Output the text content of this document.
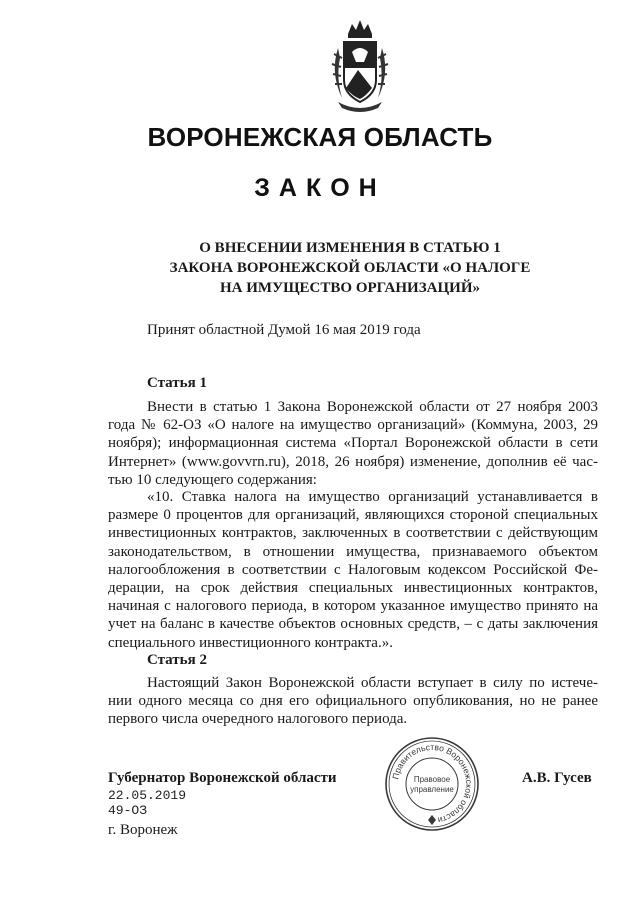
ВОРОНЕЖСКАЯ ОБЛАСТЬ
ЗАКОН
О ВНЕСЕНИИ ИЗМЕНЕНИЯ В СТАТЬЮ 1
ЗАКОНА ВОРОНЕЖСКОЙ ОБЛАСТИ «О НАЛОГЕ
НА ИМУЩЕСТВО ОРГАНИЗАЦИЙ»
Принят областной Думой 16 мая 2019 года
Статья 1
Внести в статью 1 Закона Воронежской области от 27 ноября 2003
года № 62-ОЗ «О налоге на имущество организаций» (Коммуна, 2003, 29
ноября); информационная система «Портал Воронежской области в сети
Интернет» (www.govvrn.ru), 2018, 26 ноября) изменение, дополнив её час-
тью 10 следующего содержания:
«10. Ставка налога на имущество организаций устанавливается в
размере 0 процентов для организаций, являющихся стороной специальных
инвестиционных контрактов, заключенных в соответствии с действующим
законодательством, в отношении имущества, признаваемого объектом
налогообложения в соответствии с Налоговым кодексом Российской Фе-
дерации, на срок действия специальных инвестиционных контрактов,
начиная с налогового периода, в котором указанное имущество принято на
учет на баланс в качестве объектов основных средств, – с даты заключения
специального инвестиционного контракта.».
Статья 2
Настоящий Закон Воронежской области вступает в силу по истече-
нии одного месяца со дня его официального опубликования, но не ранее
первого числа очередного налогового периода.
Губернатор Воронежской области	А.В. Гусев
22.05.2019
49-ОЗ
г. Воронеж
Правительство Воронежской области
Правовое
управление
